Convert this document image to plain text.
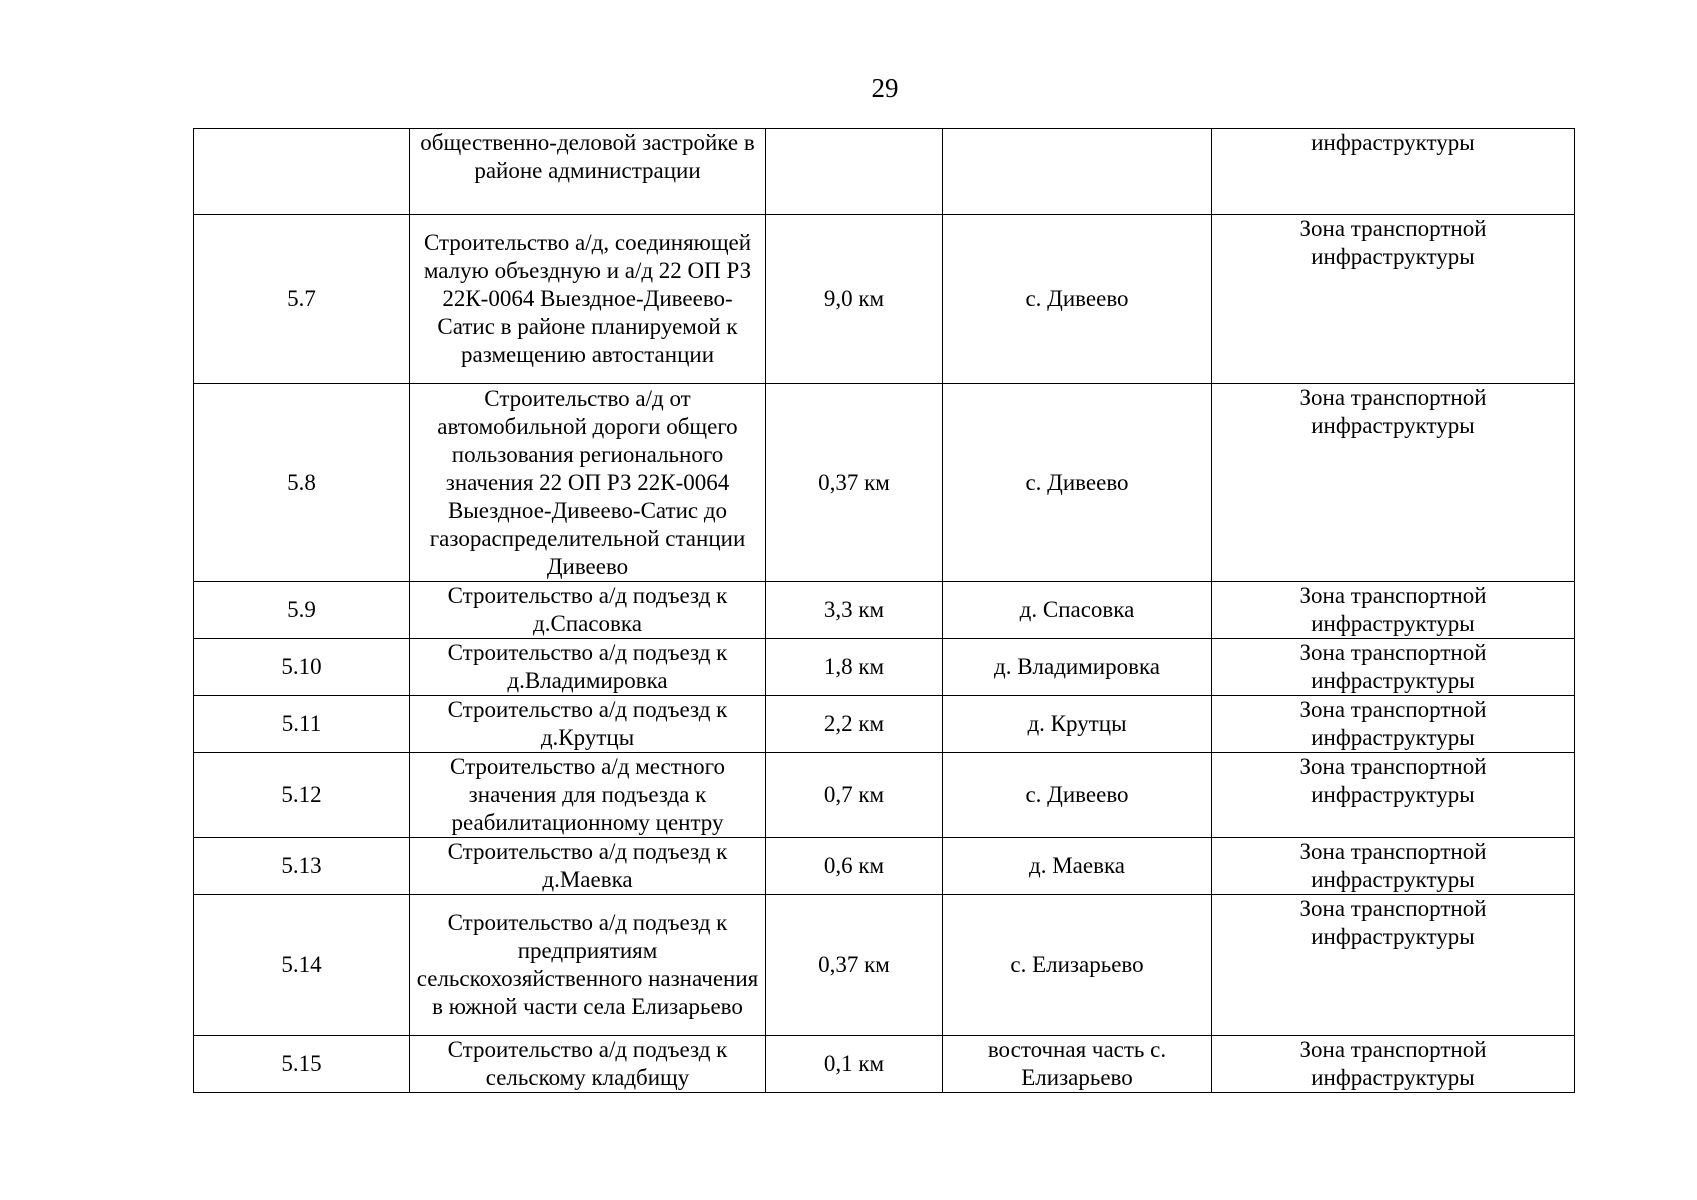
29
	общественно-деловой застройке в районе администрации			инфраструктуры
5.7	Строительство а/д, соединяющей малую объездную и а/д 22 ОП РЗ 22К-0064 Выездное-Дивеево-Сатис в районе планируемой к размещению автостанции	9,0 км	с. Дивеево	Зона транспортной инфраструктуры
5.8	Строительство а/д от автомобильной дороги общего пользования регионального значения 22 ОП РЗ 22К-0064 Выездное-Дивеево-Сатис до газораспределительной станции Дивеево	0,37 км	с. Дивеево	Зона транспортной инфраструктуры
5.9	Строительство а/д подъезд к д.Спасовка	3,3 км	д. Спасовка	Зона транспортной инфраструктуры
5.10	Строительство а/д подъезд к д.Владимировка	1,8 км	д. Владимировка	Зона транспортной инфраструктуры
5.11	Строительство а/д подъезд к д.Крутцы	2,2 км	д. Крутцы	Зона транспортной инфраструктуры
5.12	Строительство а/д местного значения для подъезда к реабилитационному центру	0,7 км	с. Дивеево	Зона транспортной инфраструктуры
5.13	Строительство а/д подъезд к д.Маевка	0,6 км	д. Маевка	Зона транспортной инфраструктуры
5.14	Строительство а/д подъезд к предприятиям сельскохозяйственного назначения в южной части села Елизарьево	0,37 км	с. Елизарьево	Зона транспортной инфраструктуры
5.15	Строительство а/д подъезд к сельскому кладбищу	0,1 км	восточная часть с. Елизарьево	Зона транспортной инфраструктуры
